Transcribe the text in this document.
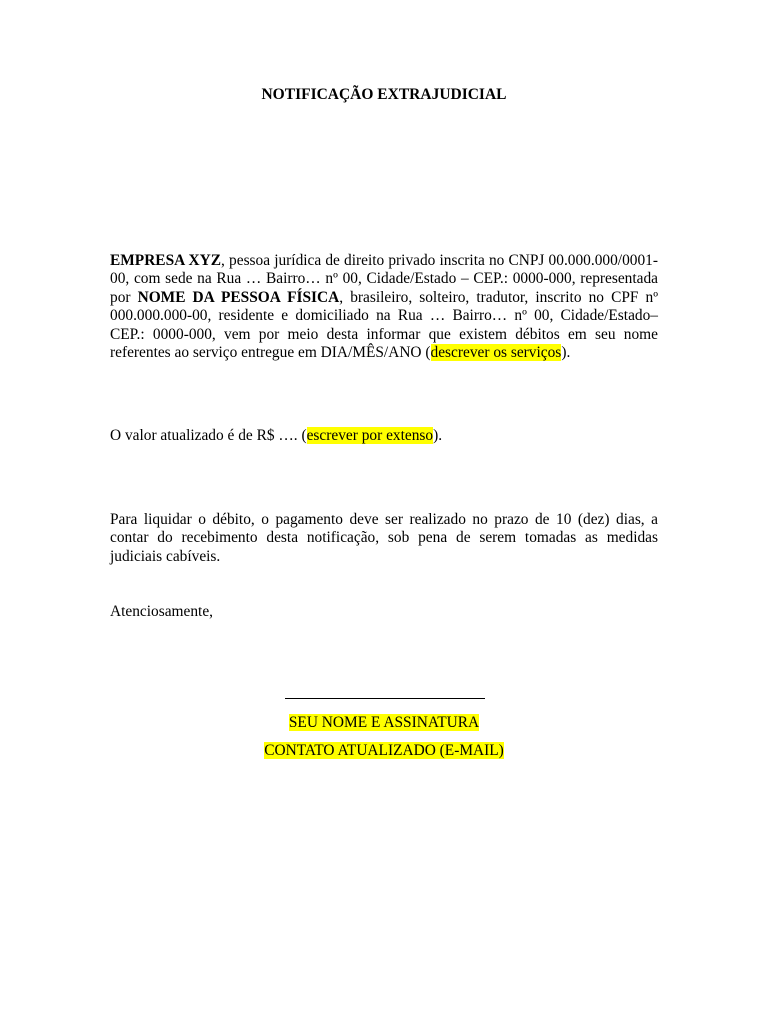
NOTIFICAÇÃO EXTRAJUDICIAL

EMPRESA XYZ, pessoa jurídica de direito privado inscrita no CNPJ 00.000.000/0001-00, com sede na Rua … Bairro… nº 00, Cidade/Estado – CEP.: 0000-000, representada por NOME DA PESSOA FÍSICA, brasileiro, solteiro, tradutor, inscrito no CPF nº 000.000.000-00, residente e domiciliado na Rua … Bairro… nº 00, Cidade/Estado– CEP.: 0000-000, vem por meio desta informar que existem débitos em seu nome referentes ao serviço entregue em DIA/MÊS/ANO (descrever os serviços).

O valor atualizado é de R$ …. (escrever por extenso).

Para liquidar o débito, o pagamento deve ser realizado no prazo de 10 (dez) dias, a contar do recebimento desta notificação, sob pena de serem tomadas as medidas judiciais cabíveis.

Atenciosamente,

SEU NOME E ASSINATURA
CONTATO ATUALIZADO (E-MAIL)
